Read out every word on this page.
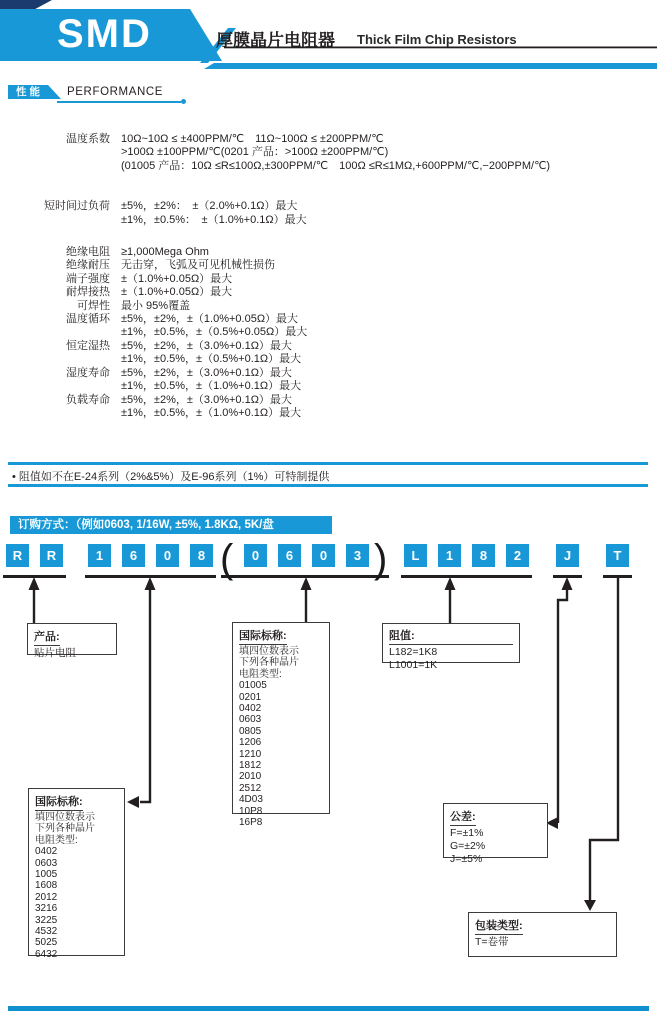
SMD	厚膜晶片电阻器 Thick Film Chip Resistors
性 能	PERFORMANCE
温度系数 10Ω~10Ω ≤ ±400PPM/℃　11Ω~100Ω ≤ ±200PPM/℃
>100Ω ±100PPM/℃(0201 产品：>100Ω ±200PPM/℃)
(01005 产品：10Ω ≤R≤100Ω,±300PPM/℃　100Ω ≤R≤1MΩ,+600PPM/℃,−200PPM/℃)
短时间过负荷 ±5%，±2%：　±（2.0%+0.1Ω）最大
±1%，±0.5%：　±（1.0%+0.1Ω）最大
绝缘电阻 ≥1,000Mega Ohm
绝缘耐压 无击穿，飞弧及可见机械性损伤
端子强度 ±（1.0%+0.05Ω）最大
耐焊接热 ±（1.0%+0.05Ω）最大
可焊性 最小 95%覆盖
温度循环 ±5%，±2%，±（1.0%+0.05Ω）最大
±1%，±0.5%，±（0.5%+0.05Ω）最大
恒定湿热 ±5%，±2%，±（3.0%+0.1Ω）最大
±1%，±0.5%，±（0.5%+0.1Ω）最大
湿度寿命 ±5%，±2%，±（3.0%+0.1Ω）最大
±1%，±0.5%，±（1.0%+0.1Ω）最大
负载寿命 ±5%，±2%，±（3.0%+0.1Ω）最大
±1%，±0.5%，±（1.0%+0.1Ω）最大
• 阻值如不在E-24系列（2%&5%）及E-96系列（1%）可特制提供
订购方式：（例如0603, 1/16W, ±5%, 1.8KΩ, 5K/盘
R	R	1	6	0	8	0	6	0	3	L	1	8	2	J	T
(	)
产品:
贴片电阻
国际标称:
填四位数表示
下列各种晶片
电阻类型:
0402
0603
1005
1608
2012
3216
3225
4532
5025
6432
国际标称:
填四位数表示
下列各种晶片
电阻类型:
01005
0201
0402
0603
0805
1206
1210
1812
2010
2512
4D03
10P8
16P8
阻值:
L182=1K8
L1001=1K
公差:
F=±1%
G=±2%
J=±5%
包装类型:
T=卷带
